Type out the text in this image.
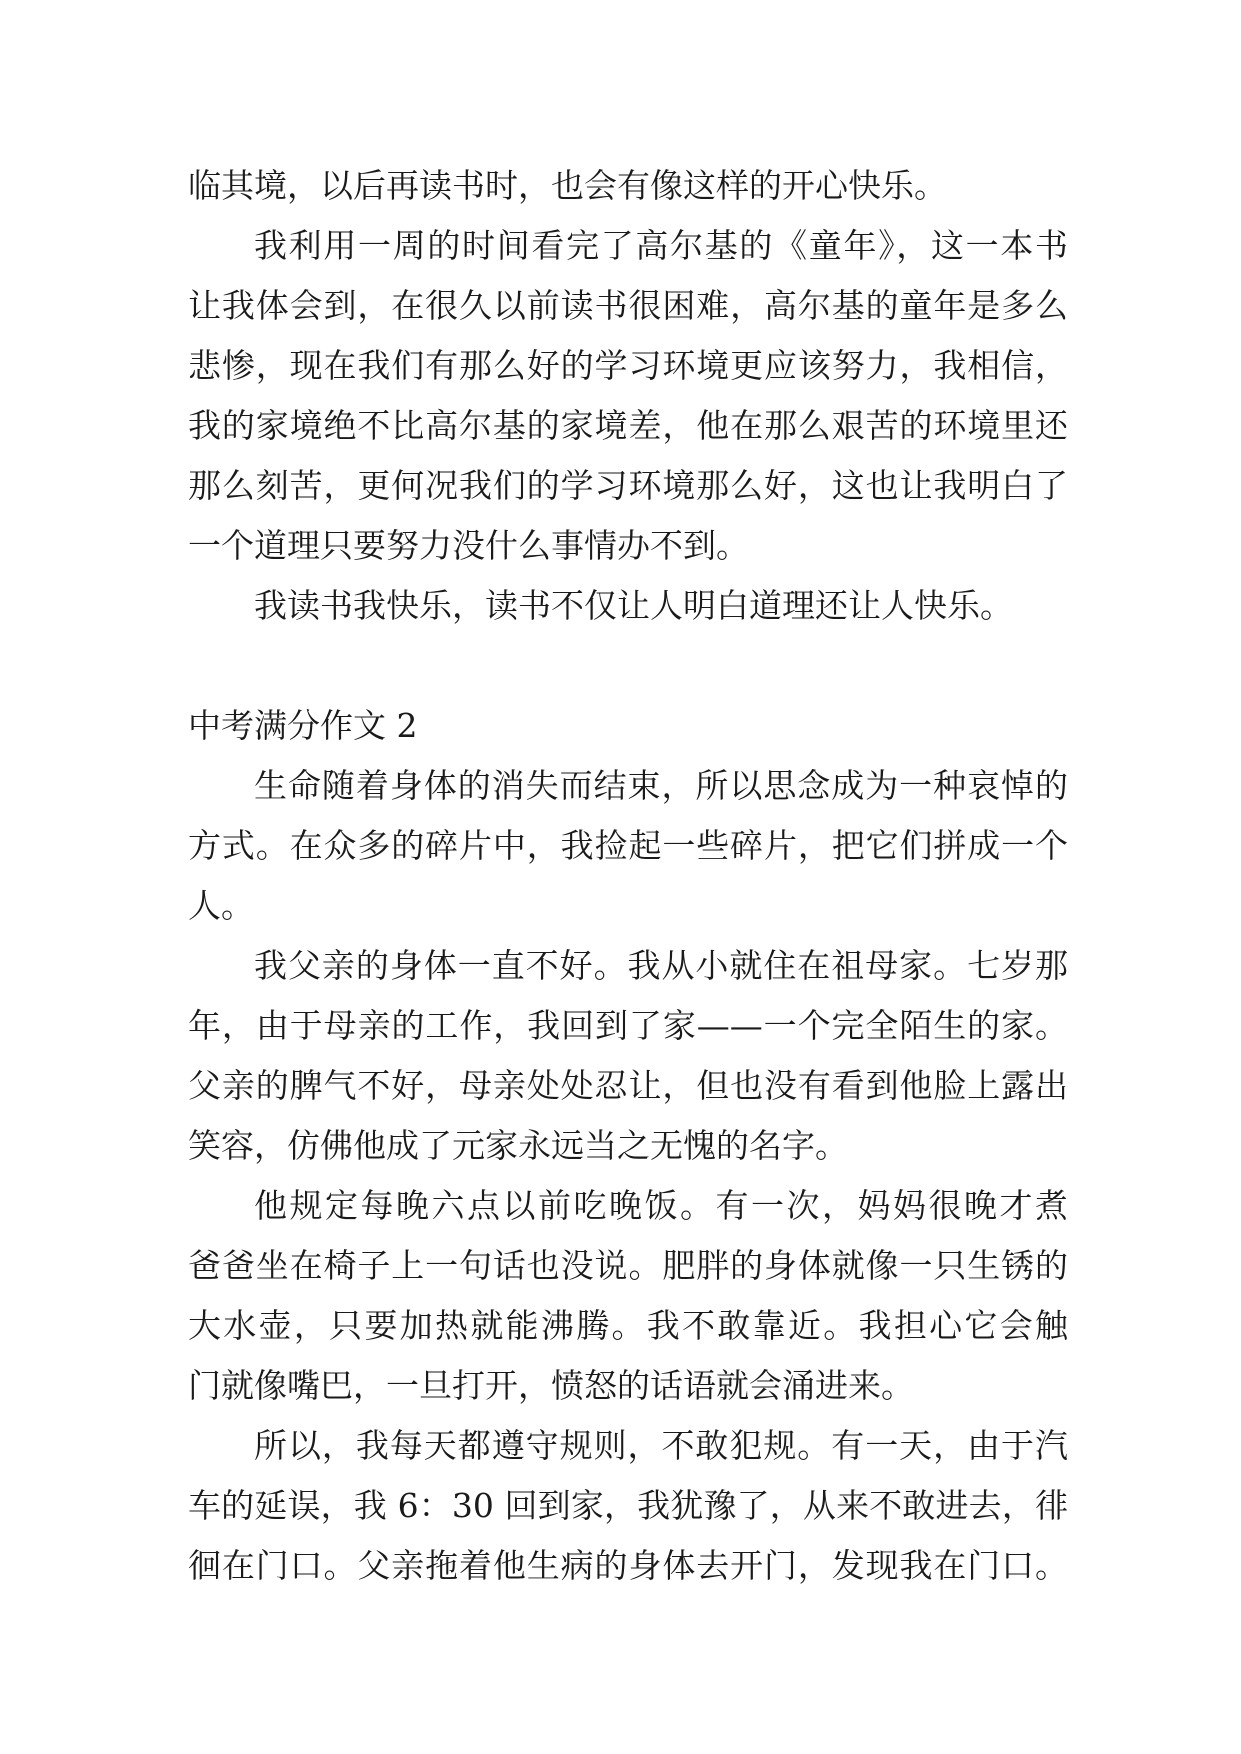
临其境，以后再读书时，也会有像这样的开心快乐。
我利用一周的时间看完了高尔基的《童年》，这一本书
让我体会到，在很久以前读书很困难，高尔基的童年是多么
悲惨，现在我们有那么好的学习环境更应该努力，我相信，
我的家境绝不比高尔基的家境差，他在那么艰苦的环境里还
那么刻苦，更何况我们的学习环境那么好，这也让我明白了
一个道理只要努力没什么事情办不到。
我读书我快乐，读书不仅让人明白道理还让人快乐。
中考满分作文 2
生命随着身体的消失而结束，所以思念成为一种哀悼的
方式。在众多的碎片中，我捡起一些碎片，把它们拼成一个
人。
我父亲的身体一直不好。我从小就住在祖母家。七岁那
年，由于母亲的工作，我回到了家——一个完全陌生的家。
父亲的脾气不好，母亲处处忍让，但也没有看到他脸上露出
笑容，仿佛他成了元家永远当之无愧的名字。
他规定每晚六点以前吃晚饭。有一次，妈妈很晚才煮
爸爸坐在椅子上一句话也没说。肥胖的身体就像一只生锈的
大水壶，只要加热就能沸腾。我不敢靠近。我担心它会触
门就像嘴巴，一旦打开，愤怒的话语就会涌进来。
所以，我每天都遵守规则，不敢犯规。有一天，由于汽
车的延误，我 6：30 回到家，我犹豫了，从来不敢进去，徘
徊在门口。父亲拖着他生病的身体去开门，发现我在门口。
